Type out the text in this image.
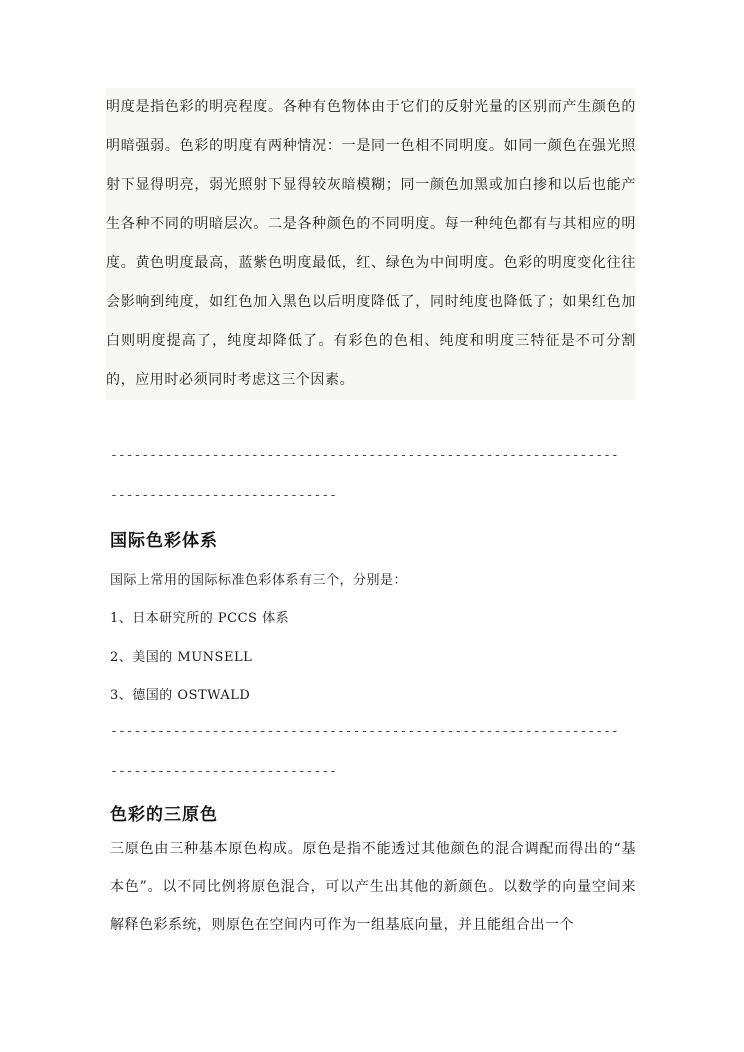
明度是指色彩的明亮程度。各种有色物体由于它们的反射光量的区别而产生颜色的明暗强弱。色彩的明度有两种情况：一是同一色相不同明度。如同一颜色在强光照射下显得明亮，弱光照射下显得较灰暗模糊；同一颜色加黑或加白掺和以后也能产生各种不同的明暗层次。二是各种颜色的不同明度。每一种纯色都有与其相应的明度。黄色明度最高，蓝紫色明度最低，红、绿色为中间明度。色彩的明度变化往往会影响到纯度，如红色加入黑色以后明度降低了，同时纯度也降低了；如果红色加白则明度提高了，纯度却降低了。有彩色的色相、纯度和明度三特征是不可分割的，应用时必须同时考虑这三个因素。

-----------------------------------------------------------------
-----------------------------
国际色彩体系
国际上常用的国际标准色彩体系有三个，分别是：
1、日本研究所的 PCCS 体系
2、美国的 MUNSELL
3、德国的 OSTWALD
-----------------------------------------------------------------
-----------------------------
色彩的三原色

三原色由三种基本原色构成。原色是指不能透过其他颜色的混合调配而得出的“基本色”。以不同比例将原色混合，可以产生出其他的新颜色。以数学的向量空间来解释色彩系统，则原色在空间内可作为一组基底向量，并且能组合出一个
